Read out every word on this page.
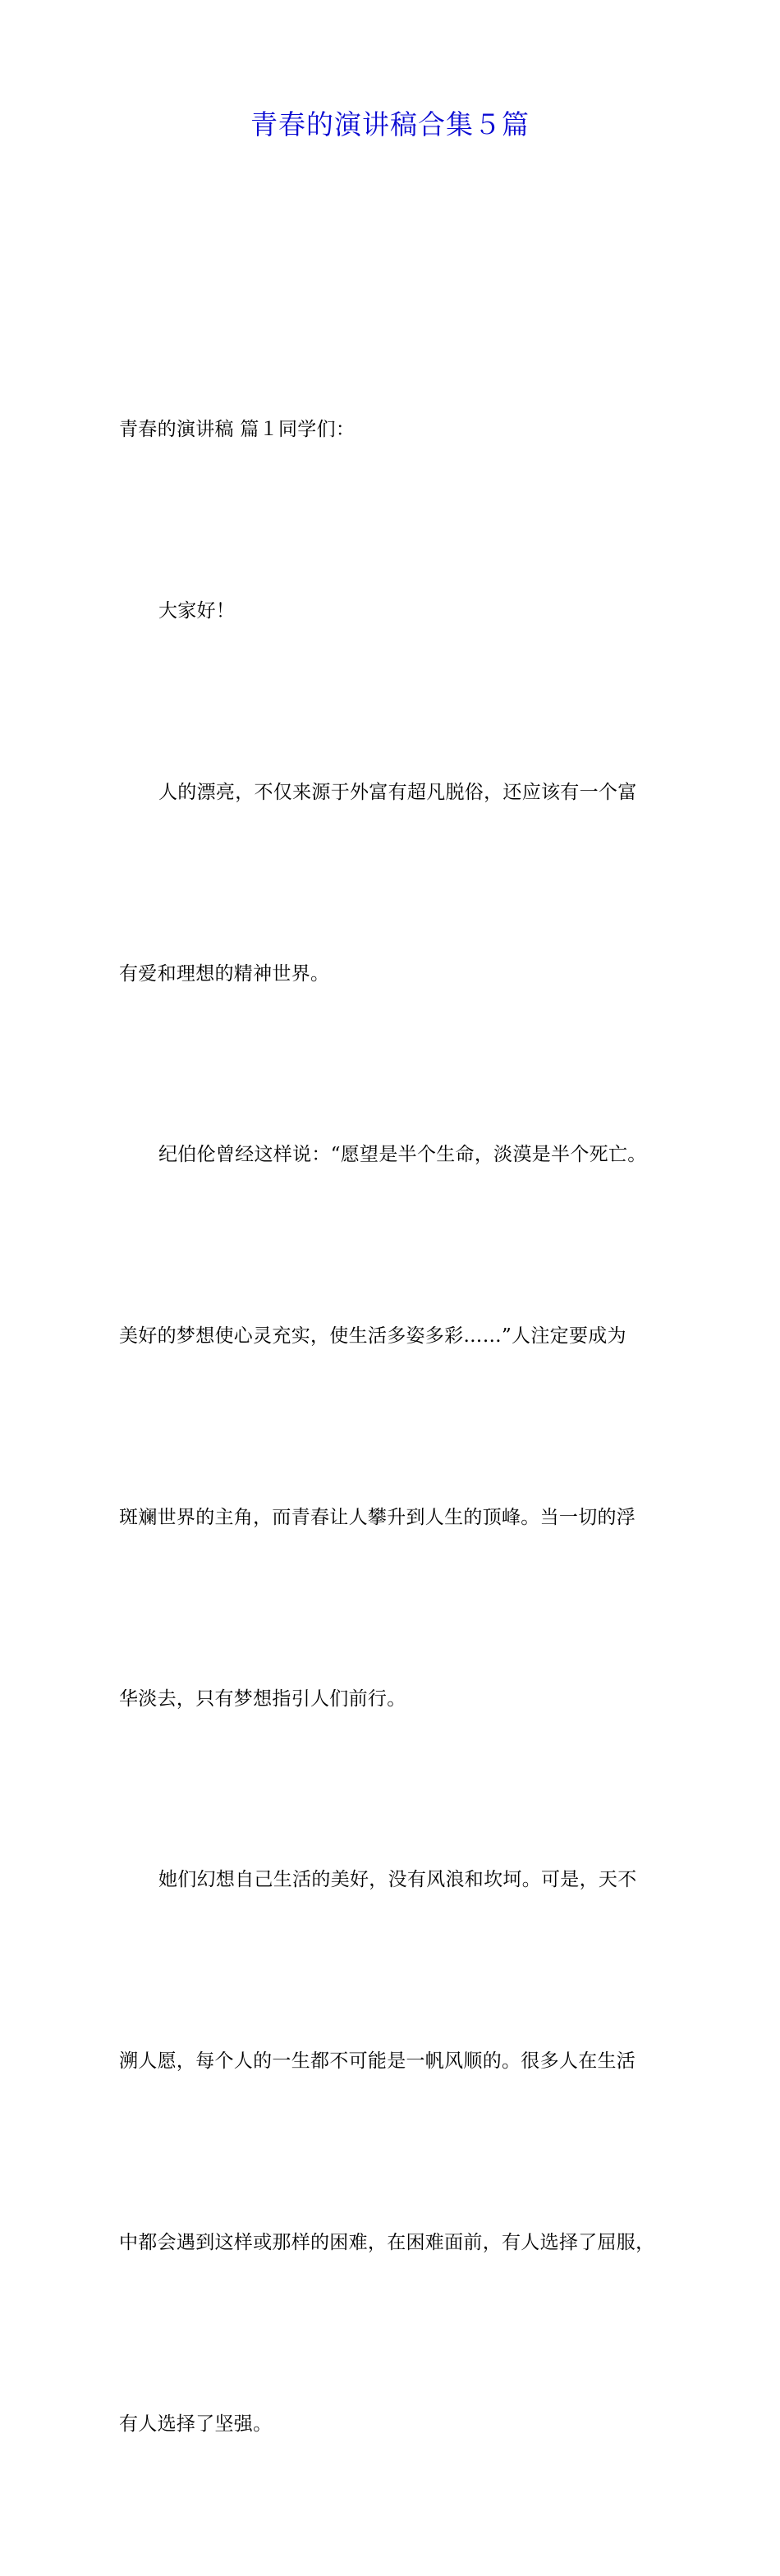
青春的演讲稿合集５篇

青春的演讲稿 篇１同学们：

大家好！

人的漂亮，不仅来源于外富有超凡脱俗，还应该有一个富

有爱和理想的精神世界。

纪伯伦曾经这样说：“愿望是半个生命，淡漠是半个死亡。

美好的梦想使心灵充实，使生活多姿多彩……”人注定要成为

斑斓世界的主角，而青春让人攀升到人生的顶峰。当一切的浮

华淡去，只有梦想指引人们前行。

她们幻想自己生活的美好，没有风浪和坎坷。可是，天不

溯人愿，每个人的一生都不可能是一帆风顺的。很多人在生活

中都会遇到这样或那样的困难，在困难面前，有人选择了屈服，

有人选择了坚强。
